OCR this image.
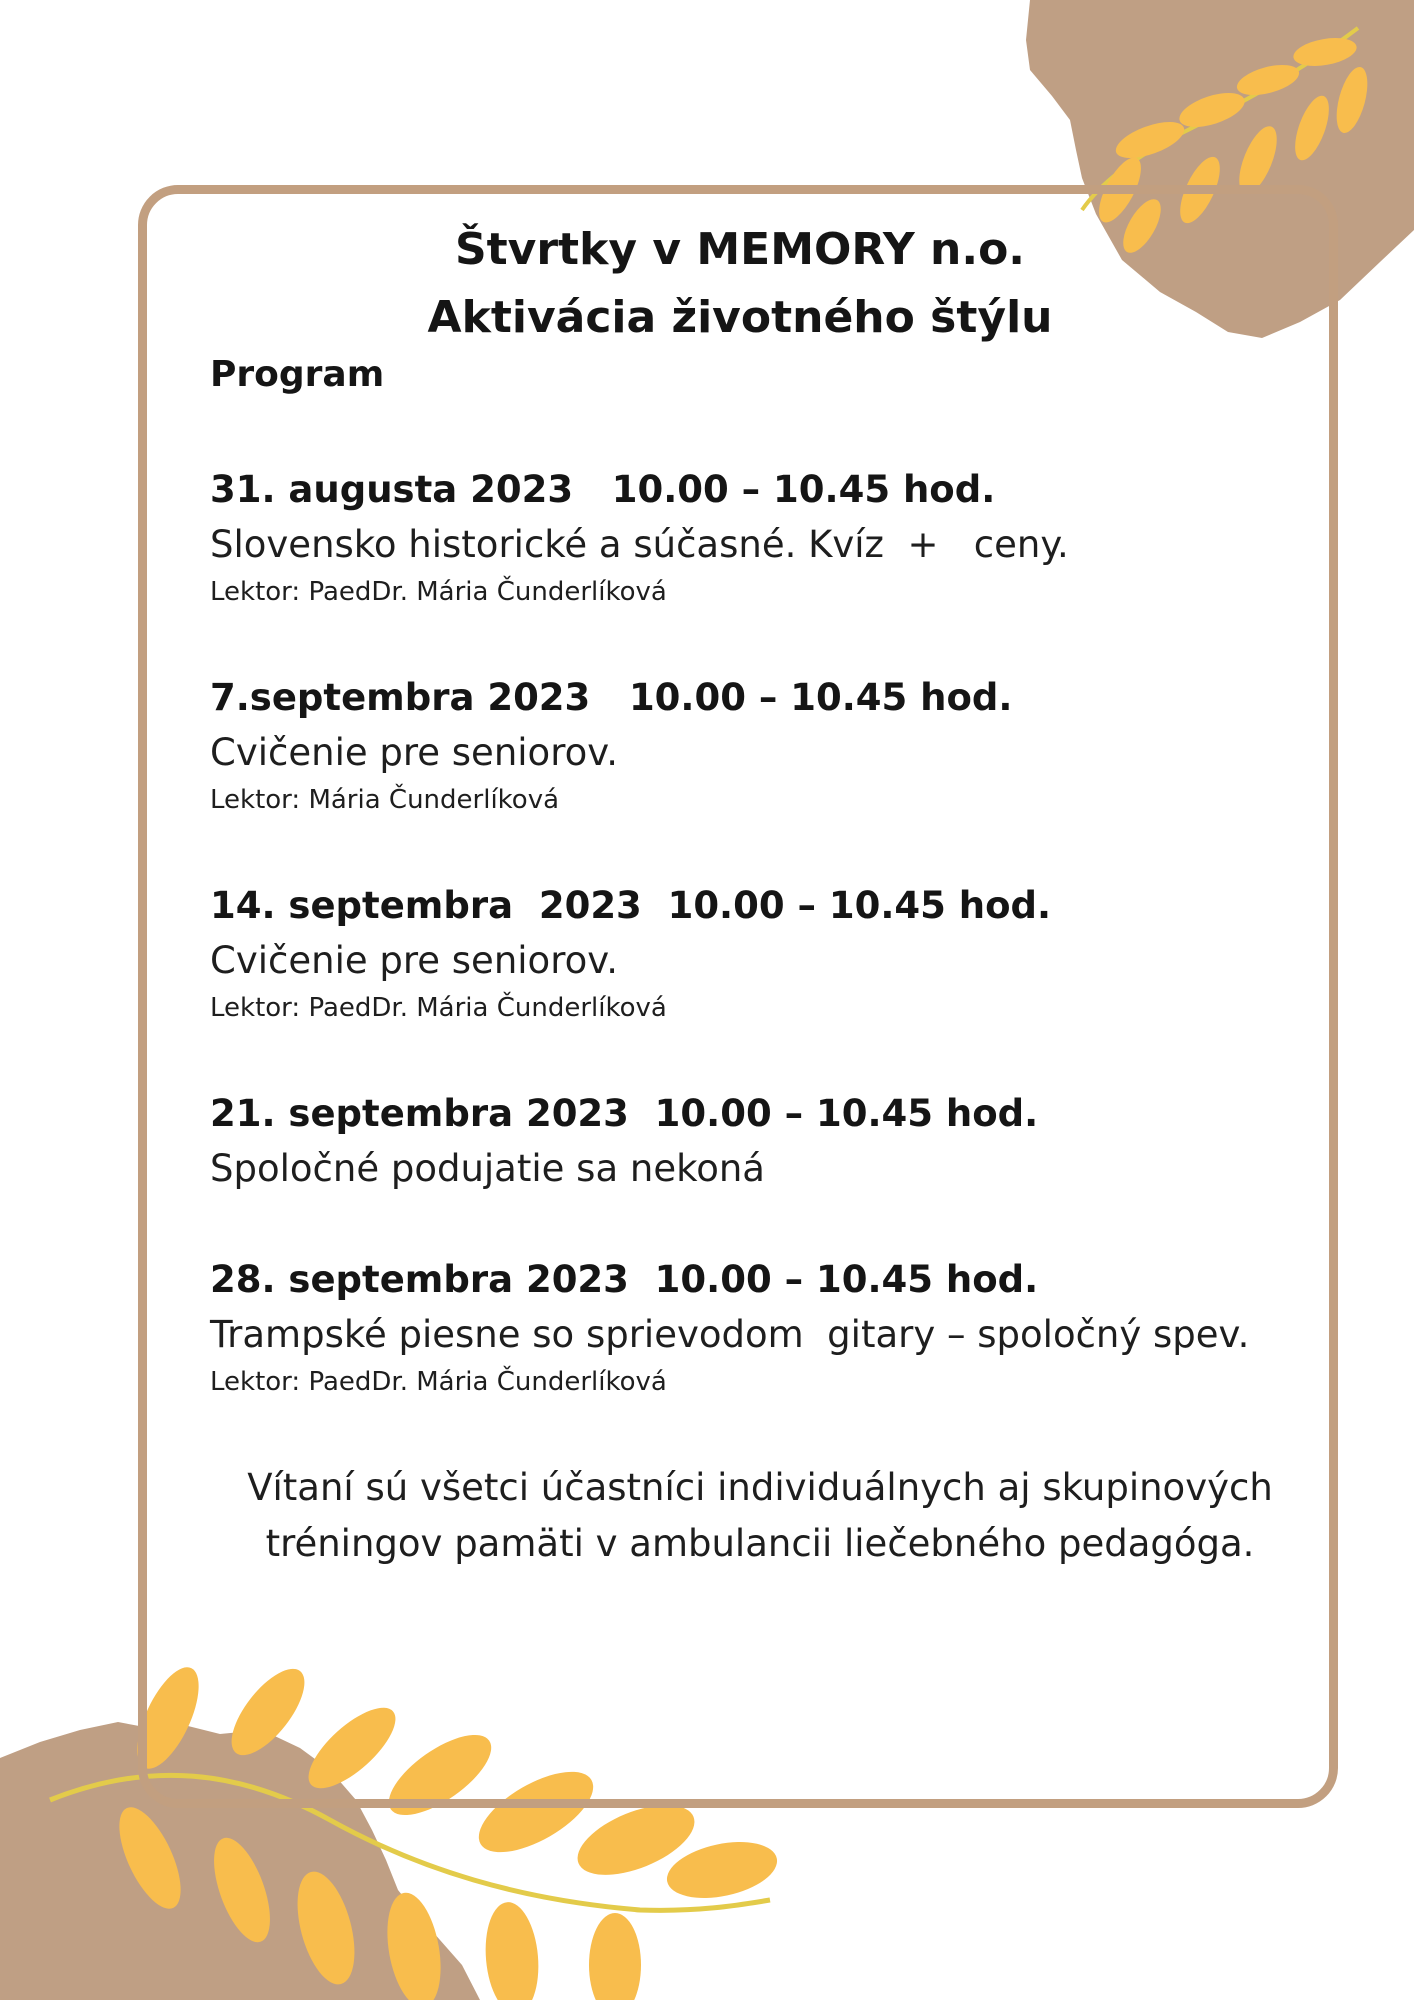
Štvrtky v MEMORY n.o.
Aktivácia životného štýlu

Program

31. augusta 2023   10.00 – 10.45 hod.

Slovensko historické a súčasné. Kvíz  +   ceny.

Lektor: PaedDr. Mária Čunderlíková

7.septembra 2023   10.00 – 10.45 hod.

Cvičenie pre seniorov.

Lektor: Mária Čunderlíková

14. septembra  2023  10.00 – 10.45 hod.

Cvičenie pre seniorov.

Lektor: PaedDr. Mária Čunderlíková

21. septembra 2023  10.00 – 10.45 hod.

Spoločné podujatie sa nekoná

28. septembra 2023  10.00 – 10.45 hod.

Trampské piesne so sprievodom  gitary – spoločný spev.

Lektor: PaedDr. Mária Čunderlíková

Vítaní sú všetci účastníci individuálnych aj skupinových
tréningov pamäti v ambulancii liečebného pedagóga.
